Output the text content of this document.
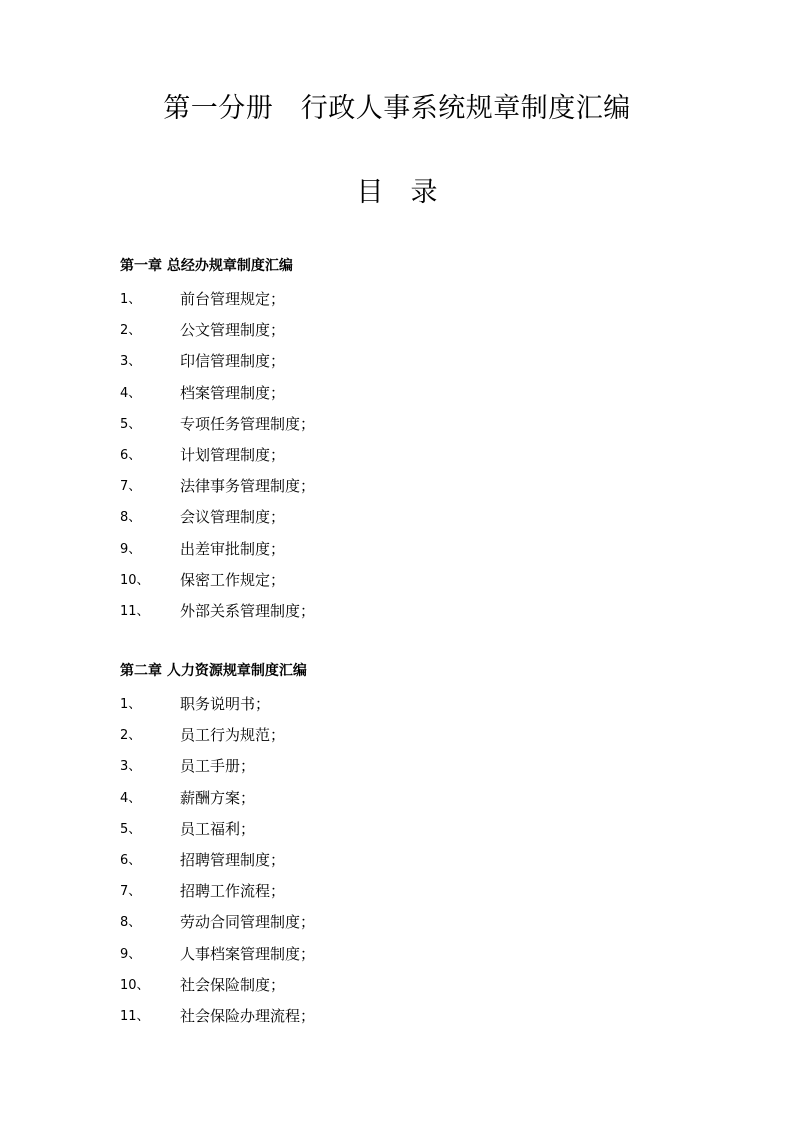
第一分册　行政人事系统规章制度汇编
目　录
第一章 总经办规章制度汇编
1、	前台管理规定；
2、	公文管理制度；
3、	印信管理制度；
4、	档案管理制度；
5、	专项任务管理制度；
6、	计划管理制度；
7、	法律事务管理制度；
8、	会议管理制度；
9、	出差审批制度；
10、 保密工作规定；
11、 外部关系管理制度；
第二章 人力资源规章制度汇编
1、	职务说明书；
2、	员工行为规范；
3、	员工手册；
4、	薪酬方案；
5、	员工福利；
6、	招聘管理制度；
7、	招聘工作流程；
8、	劳动合同管理制度；
9、	人事档案管理制度；
10、 社会保险制度；
11、 社会保险办理流程；
